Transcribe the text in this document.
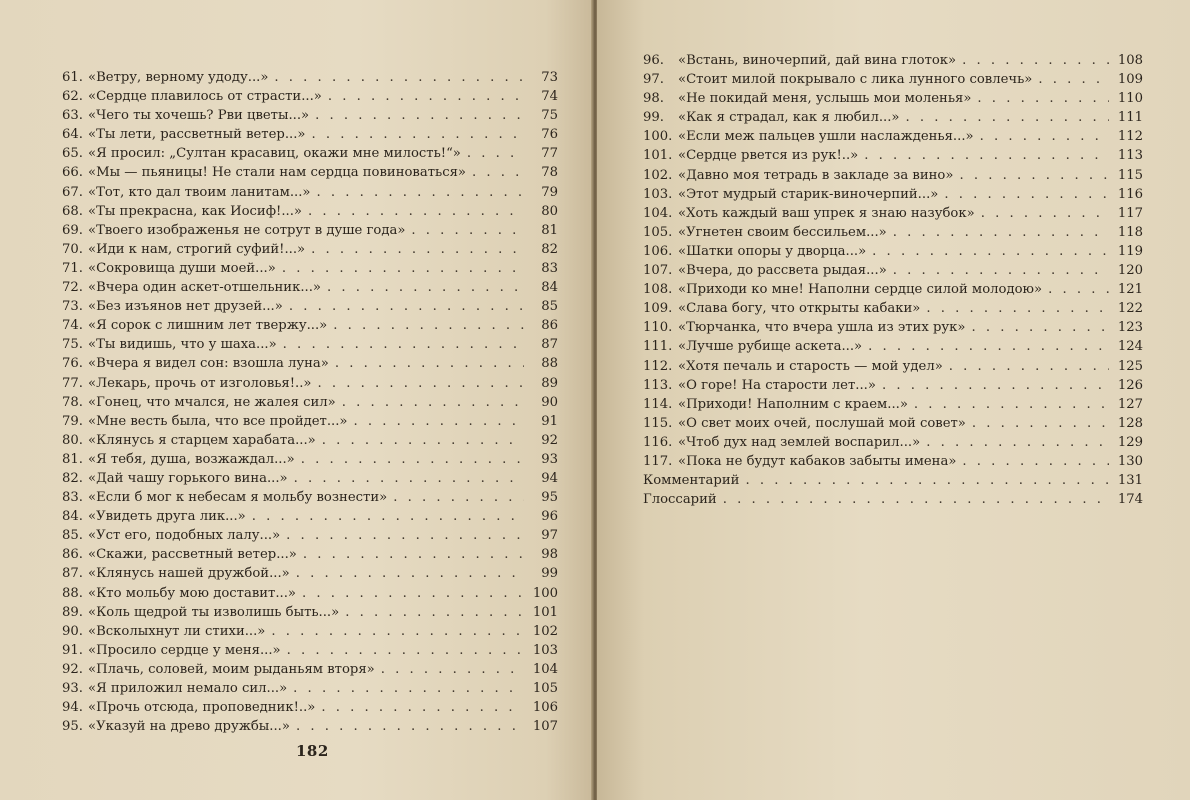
61. «Ветру, верному удоду...» . . .	73
62. «Сердце плавилось от страсти...» . . .	74
63. «Чего ты хочешь? Рви цветы...» . . .	75
64. «Ты лети, рассветный ветер...» . . .	76
65. «Я просил: „Султан красавиц, окажи мне милость!“» . . .	77
66. «Мы — пьяницы! Не стали нам сердца повиноваться» . . .	78
67. «Тот, кто дал твоим ланитам...» . . .	79
68. «Ты прекрасна, как Иосиф!...» . . .	80
69. «Твоего изображенья не сотрут в душе года» . . .	81
70. «Иди к нам, строгий суфий!...» . . .	82
71. «Сокровища души моей...» . . .	83
72. «Вчера один аскет-отшельник...» . . .	84
73. «Без изъянов нет друзей...» . . .	85
74. «Я сорок с лишним лет твержу...» . . .	86
75. «Ты видишь, что у шаха...» . . .	87
76. «Вчера я видел сон: взошла луна» . . .	88
77. «Лекарь, прочь от изголовья!..» . . .	89
78. «Гонец, что мчался, не жалея сил» . . .	90
79. «Мне весть была, что все пройдет...» . . .	91
80. «Клянусь я старцем харабата...» . . .	92
81. «Я тебя, душа, возжаждал...» . . .	93
82. «Дай чашу горького вина...» . . .	94
83. «Если б мог к небесам я мольбу вознести» . . .	95
84. «Увидеть друга лик...» . . .	96
85. «Уст его, подобных лалу...» . . .	97
86. «Скажи, рассветный ветер...» . . .	98
87. «Клянусь нашей дружбой...» . . .	99
88. «Кто мольбу мою доставит...» . . .	100
89. «Коль щедрой ты изволишь быть...» . . .	101
90. «Всколыхнут ли стихи...» . . .	102
91. «Просило сердце у меня...» . . .	103
92. «Плачь, соловей, моим рыданьям вторя» . . .	104
93. «Я приложил немало сил...» . . .	105
94. «Прочь отсюда, проповедник!..» . . .	106
95. «Указуй на древо дружбы...» . . .	107
182
96.	«Встань, виночерпий, дай вина глоток» . . .	108
97.	«Стоит милой покрывало с лика лунного совлечь» . . .	109
98.	«Не покидай меня, услышь мои моленья» . . .	110
99.	«Как я страдал, как я любил...» . . .	111
100. «Если меж пальцев ушли наслажденья...» . . .	112
101. «Сердце рвется из рук!..» . . .	113
102. «Давно моя тетрадь в закладе за вино» . . .	115
103. «Этот мудрый старик-виночерпий...» . . .	116
104. «Хоть каждый ваш упрек я знаю назубок» . . .	117
105. «Угнетен своим бессильем...» . . .	118
106. «Шатки опоры у дворца...» . . .	119
107. «Вчера, до рассвета рыдая...» . . .	120
108. «Приходи ко мне! Наполни сердце силой молодою» . . .	121
109. «Слава богу, что открыты кабаки» . . .	122
110. «Тюрчанка, что вчера ушла из этих рук» . . .	123
111. «Лучше рубище аскета...» . . .	124
112. «Хотя печаль и старость — мой удел» . . .	125
113. «О горе! На старости лет...» . . .	126
114. «Приходи! Наполним с краем...» . . .	127
115. «О свет моих очей, послушай мой совет» . . .	128
116. «Чтоб дух над землей воспарил...» . . .	129
117. «Пока не будут кабаков забыты имена» . . .	130
Комментарий . . .	131
Глоссарий . . .	174
